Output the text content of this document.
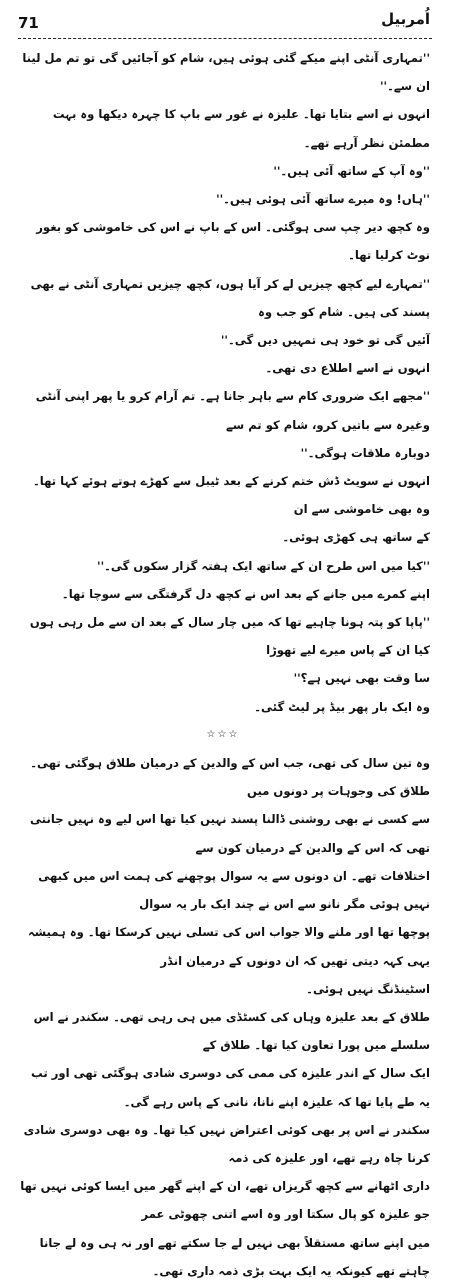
71	اُمربیل

''تمہاری آنٹی اپنے میکے گئی ہوئی ہیں، شام کو آجائیں گی تو تم مل لینا ان سے۔''

انہوں نے اسے بتایا تھا۔ علیزہ نے غور سے باپ کا چہرہ دیکھا وہ بہت مطمئن نظر آرہے تھے۔

''وہ آپ کے ساتھ آئی ہیں۔''

''ہاں! وہ میرے ساتھ آئی ہوئی ہیں۔''

وہ کچھ دیر چپ سی ہوگئی۔ اس کے باپ نے اس کی خاموشی کو بغور نوٹ کرلیا تھا۔

''تمہارے لیے کچھ چیزیں لے کر آیا ہوں، کچھ چیزیں تمہاری آنٹی نے بھی پسند کی ہیں۔ شام کو جب وہ

آئیں گی تو خود ہی تمہیں دیں گی۔''

انہوں نے اسے اطلاع دی تھی۔

''مجھے ایک ضروری کام سے باہر جانا ہے۔ تم آرام کرو یا پھر اپنی آنٹی وغیرہ سے باتیں کرو، شام کو تم سے

دوبارہ ملاقات ہوگی۔''

انہوں نے سویٹ ڈش ختم کرنے کے بعد ٹیبل سے کھڑے ہوتے ہوئے کہا تھا۔ وہ بھی خاموشی سے ان

کے ساتھ ہی کھڑی ہوئی۔

''کیا میں اس طرح ان کے ساتھ ایک ہفتہ گزار سکوں گی۔''

اپنے کمرے میں جانے کے بعد اس نے کچھ دل گرفتگی سے سوچا تھا۔

''پاپا کو پتہ ہونا چاہیے تھا کہ میں چار سال کے بعد ان سے مل رہی ہوں کیا ان کے پاس میرے لیے تھوڑا

سا وقت بھی نہیں ہے؟''

وہ ایک بار پھر بیڈ پر لیٹ گئی۔

☆☆☆

وہ تین سال کی تھی، جب اس کے والدین کے درمیان طلاق ہوگئی تھی۔ طلاق کی وجوہات پر دونوں میں

سے کسی نے بھی روشنی ڈالنا پسند نہیں کیا تھا اس لیے وہ نہیں جانتی تھی کہ اس کے والدین کے درمیان کون سے

اختلافات تھے۔ ان دونوں سے یہ سوال پوچھنے کی ہمت اس میں کبھی نہیں ہوئی مگر نانو سے اس نے چند ایک بار یہ سوال

پوچھا تھا اور ملنے والا جواب اس کی تسلی نہیں کرسکا تھا۔ وہ ہمیشہ یہی کہہ دیتی تھیں کہ ان دونوں کے درمیان انڈر

اسٹینڈنگ نہیں ہوئی۔

طلاق کے بعد علیزہ وہاں کی کسٹڈی میں ہی رہی تھی۔ سکندر نے اس سلسلے میں پورا تعاون کیا تھا۔ طلاق کے

ایک سال کے اندر علیزہ کی ممی کی دوسری شادی ہوگئی تھی اور تب یہ طے پایا تھا کہ علیزہ اپنے نانا، نانی کے پاس رہے گی۔

سکندر نے اس پر بھی کوئی اعتراض نہیں کیا تھا۔ وہ بھی دوسری شادی کرنا چاہ رہے تھے، اور علیزہ کی ذمہ

داری اٹھانے سے کچھ گریزاں تھے، ان کے اپنے گھر میں ایسا کوئی نہیں تھا جو علیزہ کو پال سکتا اور وہ اسے اتنی چھوٹی عمر

میں اپنے ساتھ مستقلاً بھی نہیں لے جا سکتے تھے اور نہ ہی وہ لے جانا چاہتے تھے کیونکہ یہ ایک بہت بڑی ذمہ داری تھی۔
